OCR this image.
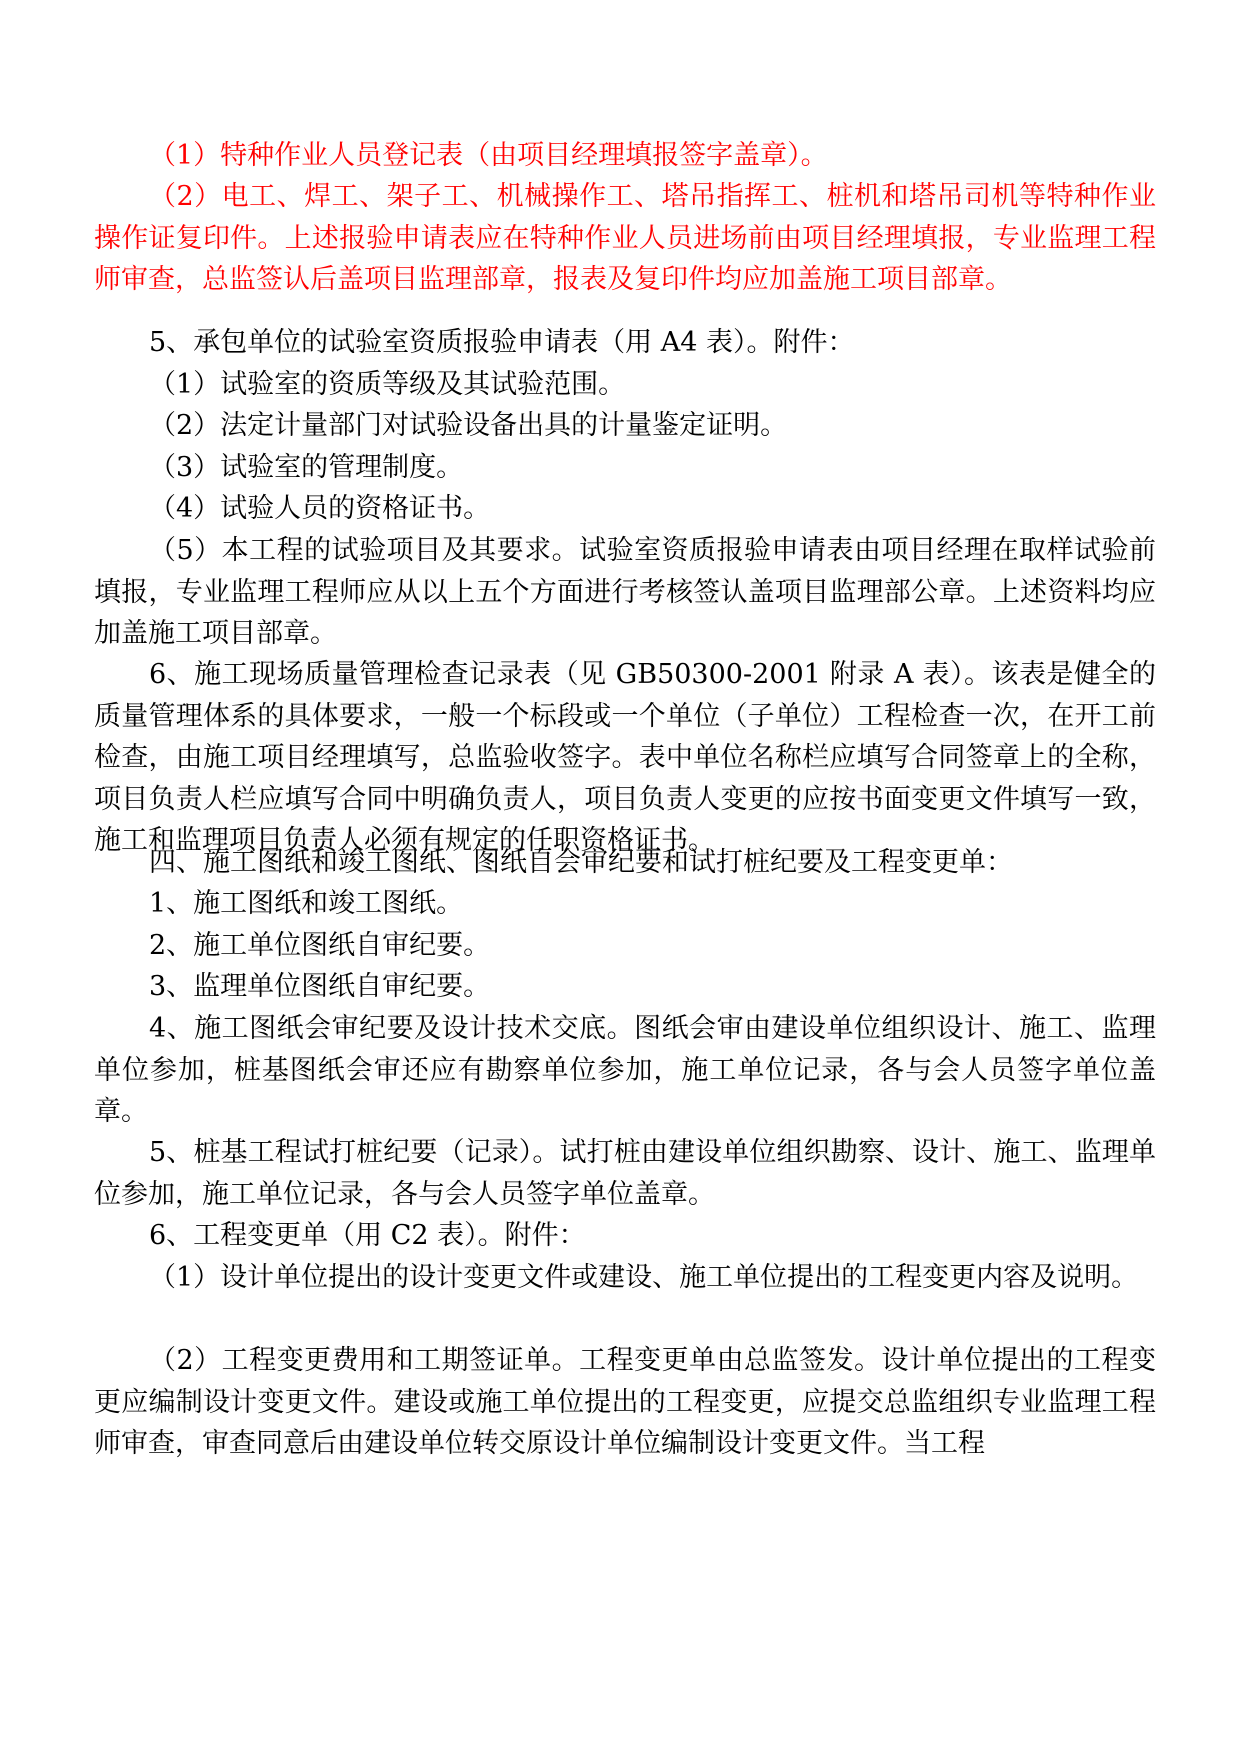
（1）特种作业人员登记表（由项目经理填报签字盖章）。

（2）电工、焊工、架子工、机械操作工、塔吊指挥工、桩机和塔吊司机等特种作业操作证复印件。上述报验申请表应在特种作业人员进场前由项目经理填报，专业监理工程师审查，总监签认后盖项目监理部章，报表及复印件均应加盖施工项目部章。

5、承包单位的试验室资质报验申请表（用 A4 表）。附件：

（1）试验室的资质等级及其试验范围。

（2）法定计量部门对试验设备出具的计量鉴定证明。

（3）试验室的管理制度。

（4）试验人员的资格证书。

（5）本工程的试验项目及其要求。试验室资质报验申请表由项目经理在取样试验前填报，专业监理工程师应从以上五个方面进行考核签认盖项目监理部公章。上述资料均应加盖施工项目部章。

6、施工现场质量管理检查记录表（见 GB50300-2001 附录 A 表）。该表是健全的质量管理体系的具体要求，一般一个标段或一个单位（子单位）工程检查一次，在开工前检查，由施工项目经理填写，总监验收签字。表中单位名称栏应填写合同签章上的全称，项目负责人栏应填写合同中明确负责人，项目负责人变更的应按书面变更文件填写一致，施工和监理项目负责人必须有规定的任职资格证书。

四、施工图纸和竣工图纸、图纸自会审纪要和试打桩纪要及工程变更单：

1、施工图纸和竣工图纸。

2、施工单位图纸自审纪要。

3、监理单位图纸自审纪要。

4、施工图纸会审纪要及设计技术交底。图纸会审由建设单位组织设计、施工、监理单位参加，桩基图纸会审还应有勘察单位参加，施工单位记录，各与会人员签字单位盖章。

5、桩基工程试打桩纪要（记录）。试打桩由建设单位组织勘察、设计、施工、监理单位参加，施工单位记录，各与会人员签字单位盖章。

6、工程变更单（用 C2 表）。附件：

（1）设计单位提出的设计变更文件或建设、施工单位提出的工程变更内容及说明。

（2）工程变更费用和工期签证单。工程变更单由总监签发。设计单位提出的工程变更应编制设计变更文件。建设或施工单位提出的工程变更，应提交总监组织专业监理工程师审查，审查同意后由建设单位转交原设计单位编制设计变更文件。当工程
